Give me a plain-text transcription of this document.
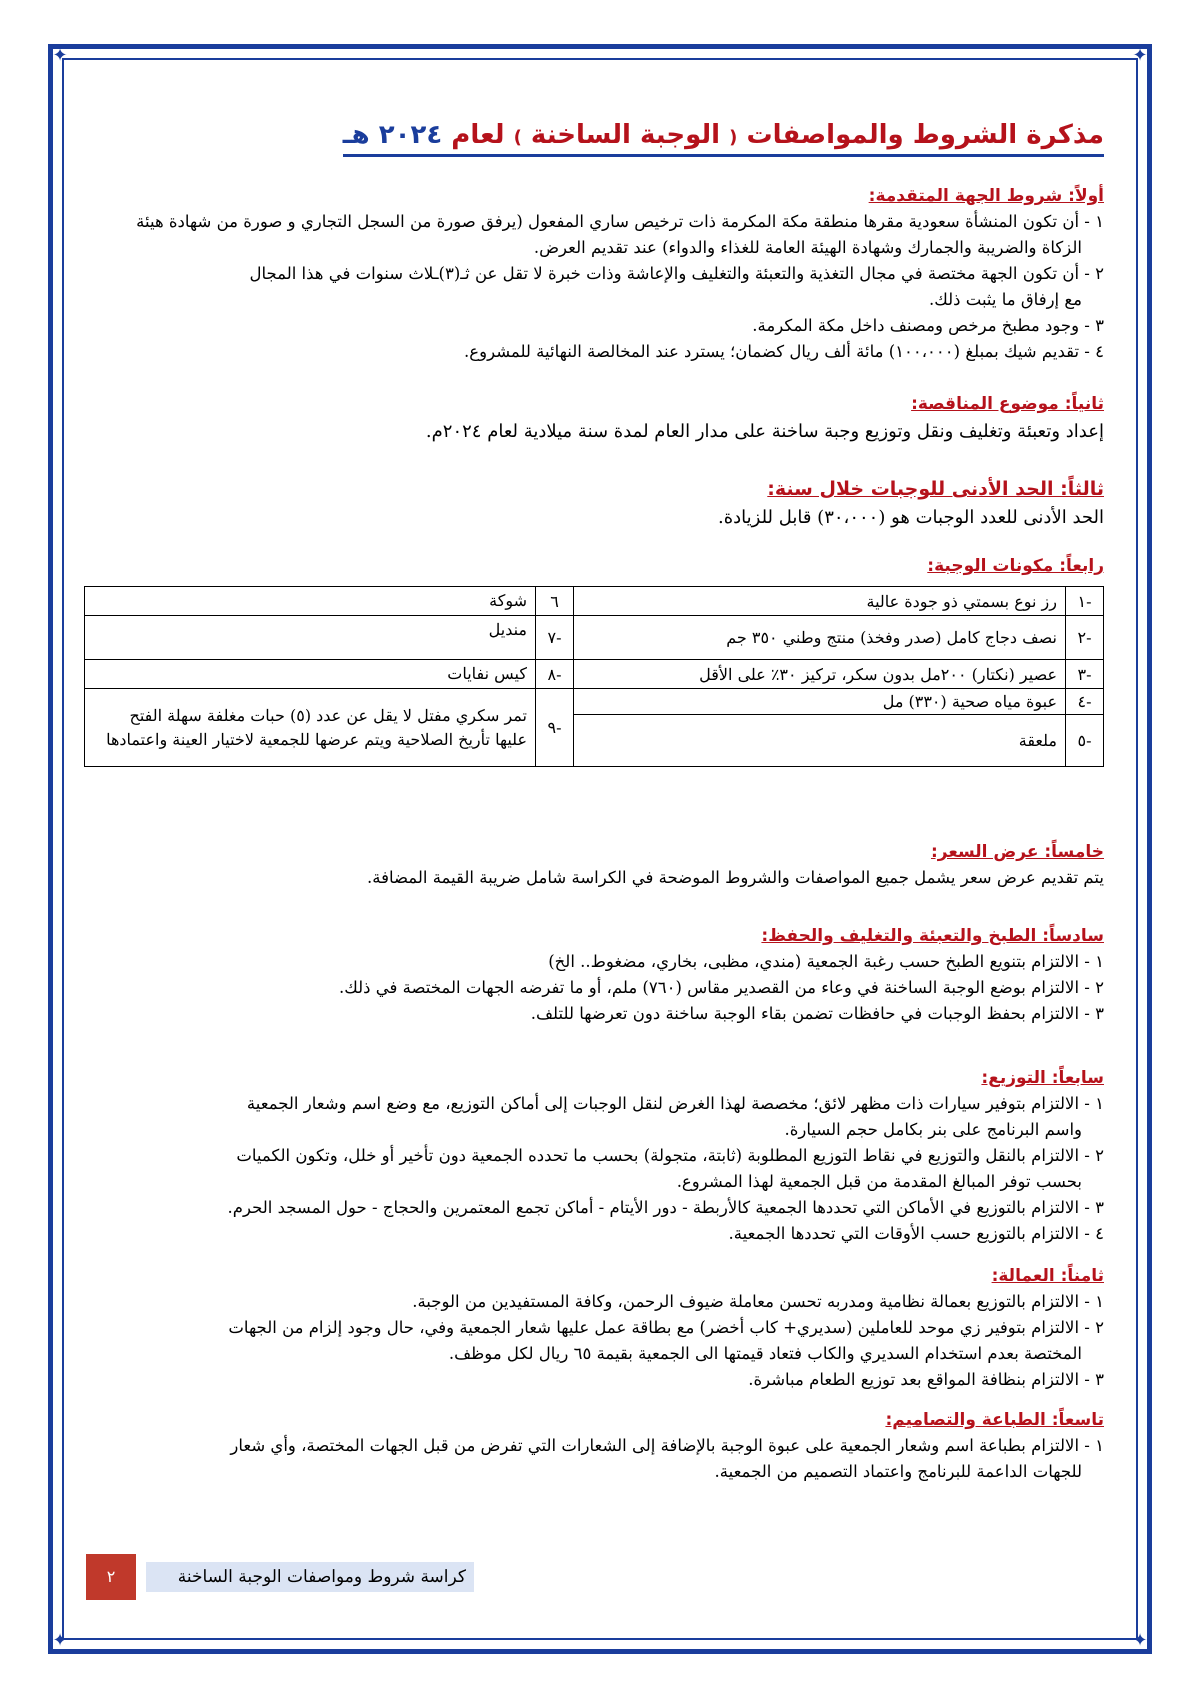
✦	✦
✦	✦
مذكرة الشروط والمواصفات ( الوجبة الساخنة ) لعام ٢٠٢٤ هـ
أولاً: شروط الجهة المتقدمة:
١ - أن تكون المنشأة سعودية مقرها منطقة مكة المكرمة ذات ترخيص ساري المفعول (يرفق صورة من السجل التجاري و صورة من شهادة هيئة
الزكاة والضريبة والجمارك وشهادة الهيئة العامة للغذاء والدواء) عند تقديم العرض.
٢ - أن تكون الجهة مختصة في مجال التغذية والتعبئة والتغليف والإعاشة وذات خبرة لا تقل عن ثـ(٣)ـلاث سنوات في هذا المجال
مع إرفاق ما يثبت ذلك.
٣ - وجود مطبخ مرخص ومصنف داخل مكة المكرمة.
٤ - تقديم شيك بمبلغ (١٠٠،٠٠٠) مائة ألف ريال كضمان؛ يسترد عند المخالصة النهائية للمشروع.
ثانياً: موضوع المناقصة:
إعداد وتعبئة وتغليف ونقل وتوزيع وجبة ساخنة على مدار العام لمدة سنة ميلادية لعام ٢٠٢٤م.
ثالثاً: الحد الأدنى للوجبات خلال سنة:
الحد الأدنى للعدد الوجبات هو (٣٠،٠٠٠) قابل للزيادة.
رابعاً: مكونات الوجبة:
-١	رز نوع بسمتي ذو جودة عالية	٦	شوكة
-٢	نصف دجاج كامل (صدر وفخذ) منتج وطني ٣٥٠ جم	-٧	منديل
-٣	عصير (نكتار) ٢٠٠مل بدون سكر، تركيز ٣٠٪ على الأقل	-٨	كيس نفايات
-٤	عبوة مياه صحية (٣٣٠) مل	-٩	تمر سكري مفتل لا يقل عن عدد (٥) حبات مغلفة سهلة الفتح عليها تأريخ الصلاحية ويتم عرضها للجمعية لاختيار العينة واعتمادها
-٥	ملعقة		
خامساً: عرض السعر:
يتم تقديم عرض سعر يشمل جميع المواصفات والشروط الموضحة في الكراسة شامل ضريبة القيمة المضافة.
سادساً: الطبخ والتعبئة والتغليف والحفظ:
١ - الالتزام بتنويع الطبخ حسب رغبة الجمعية (مندي، مظبى، بخاري، مضغوط.. الخ)
٢ - الالتزام بوضع الوجبة الساخنة في وعاء من القصدير مقاس (٧٦٠) ملم، أو ما تفرضه الجهات المختصة في ذلك.
٣ - الالتزام بحفظ الوجبات في حافظات تضمن بقاء الوجبة ساخنة دون تعرضها للتلف.
سابعاً: التوزيع:
١ - الالتزام بتوفير سيارات ذات مظهر لائق؛ مخصصة لهذا الغرض لنقل الوجبات إلى أماكن التوزيع، مع وضع اسم وشعار الجمعية
واسم البرنامج على بنر بكامل حجم السيارة.
٢ - الالتزام بالنقل والتوزيع في نقاط التوزيع المطلوبة (ثابتة، متجولة) بحسب ما تحدده الجمعية دون تأخير أو خلل، وتكون الكميات
بحسب توفر المبالغ المقدمة من قبل الجمعية لهذا المشروع.
٣ - الالتزام بالتوزيع في الأماكن التي تحددها الجمعية كالأربطة - دور الأيتام - أماكن تجمع المعتمرين والحجاج - حول المسجد الحرم.
٤ - الالتزام بالتوزيع حسب الأوقات التي تحددها الجمعية.
ثامناً: العمالة:
١ - الالتزام بالتوزيع بعمالة نظامية ومدربه تحسن معاملة ضيوف الرحمن، وكافة المستفيدين من الوجبة.
٢ - الالتزام بتوفير زي موحد للعاملين (سديري+ كاب أخضر) مع بطاقة عمل عليها شعار الجمعية وفي، حال وجود إلزام من الجهات
المختصة بعدم استخدام السديري والكاب فتعاد قيمتها الى الجمعية بقيمة ٦٥ ريال لكل موظف.
٣ - الالتزام بنظافة المواقع بعد توزيع الطعام مباشرة.
تاسعاً: الطباعة والتصاميم:
١ - الالتزام بطباعة اسم وشعار الجمعية على عبوة الوجبة بالإضافة إلى الشعارات التي تفرض من قبل الجهات المختصة، وأي شعار
للجهات الداعمة للبرنامج واعتماد التصميم من الجمعية.
٢	كراسة شروط ومواصفات الوجبة الساخنة
